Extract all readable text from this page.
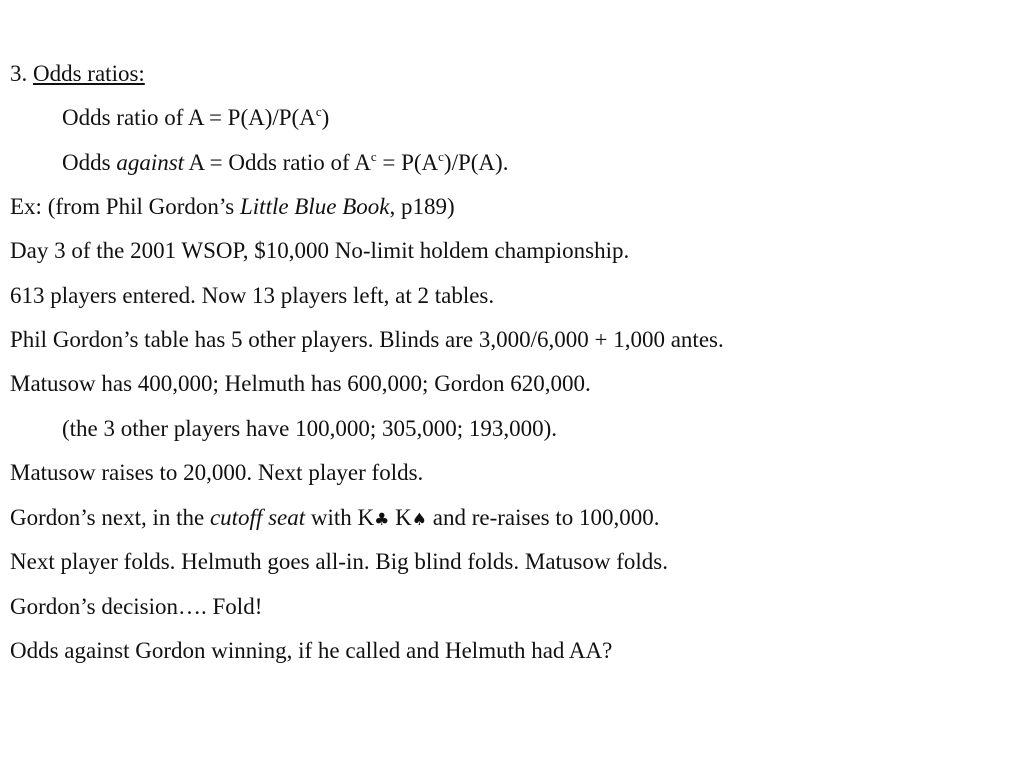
3. Odds ratios:
Odds ratio of $A = P(A)/P(A^c)$
Odds against A = Odds ratio of $A^c = P(A^c)/P(A)$.
Ex: (from Phil Gordon’s Little Blue Book, p189)
Day 3 of the 2001 WSOP, $10,000 No-limit holdem championship.
613 players entered. Now 13 players left, at 2 tables.
Phil Gordon’s table has 5 other players. Blinds are 3,000/6,000 + 1,000 antes.
Matusow has 400,000; Helmuth has 600,000; Gordon 620,000.
(the 3 other players have 100,000; 305,000; 193,000).
Matusow raises to 20,000. Next player folds.
Gordon’s next, in the cutoff seat with K♣ K♠ and re-raises to 100,000.
Next player folds. Helmuth goes all-in. Big blind folds. Matusow folds.
Gordon’s decision…. Fold!
Odds against Gordon winning, if he called and Helmuth had AA?
